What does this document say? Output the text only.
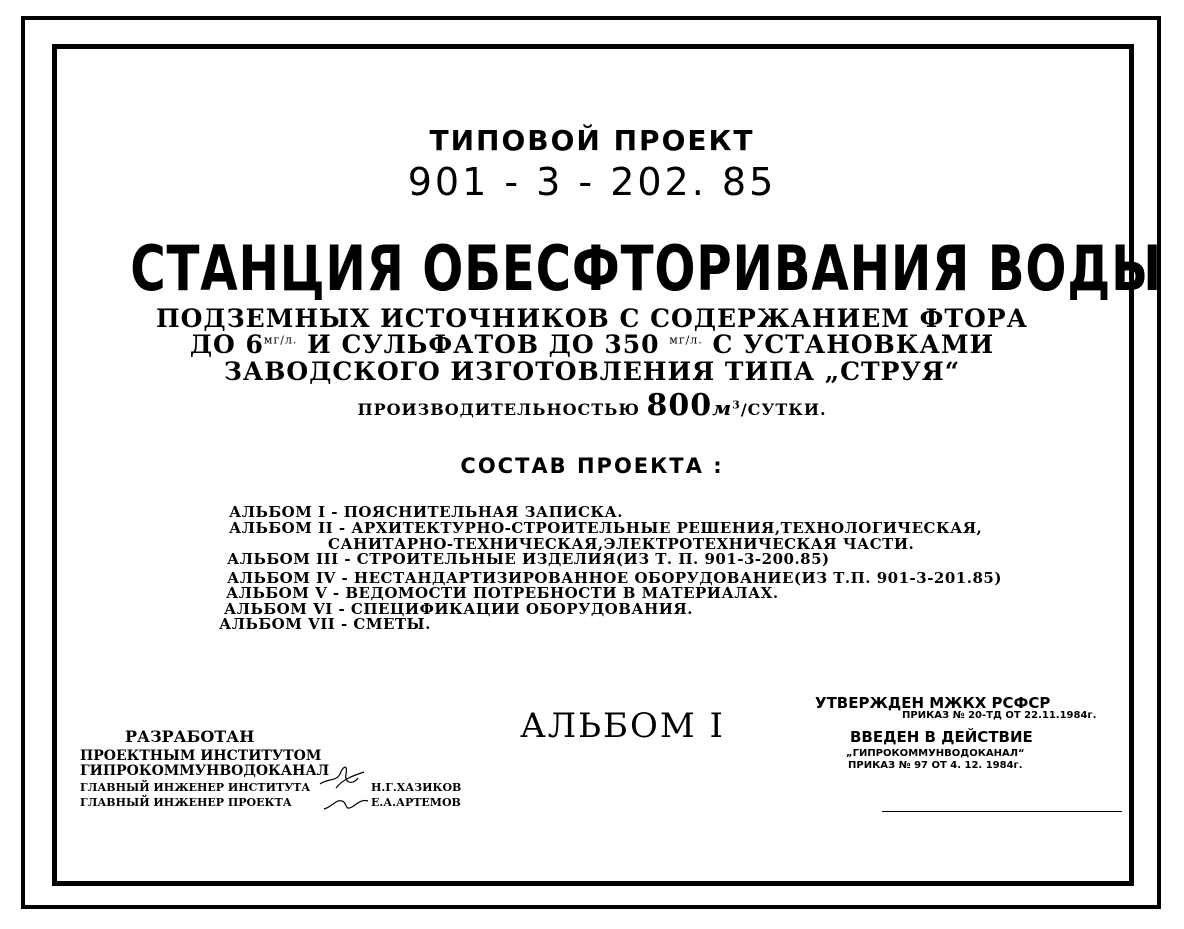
ТИПОВОЙ ПРОЕКТ
901 - 3 - 202. 85
СТАНЦИЯ ОБЕСФТОРИВАНИЯ ВОДЫ
ПОДЗЕМНЫХ ИСТОЧНИКОВ С СОДЕРЖАНИЕМ ФТОРА
ДО $6^{мг/л.}$ И СУЛЬФАТОВ ДО 350 $^{мг/л.}$ С УСТАНОВКАМИ
ЗАВОДСКОГО ИЗГОТОВЛЕНИЯ ТИПА „СТРУЯ“
ПРОИЗВОДИТЕЛЬНОСТЬЮ $800м^3$/СУТКИ.
СОСТАВ ПРОЕКТА :
АЛЬБОМ I - ПОЯСНИТЕЛЬНАЯ ЗАПИСКА.
АЛЬБОМ II - АРХИТЕКТУРНО-СТРОИТЕЛЬНЫЕ РЕШЕНИЯ,ТЕХНОЛОГИЧЕСКАЯ,
САНИТАРНО-ТЕХНИЧЕСКАЯ,ЭЛЕКТРОТЕХНИЧЕСКАЯ ЧАСТИ.
АЛЬБОМ III - СТРОИТЕЛЬНЫЕ ИЗДЕЛИЯ(ИЗ Т. П. 901-3-200.85)
АЛЬБОМ IV - НЕСТАНДАРТИЗИРОВАННОЕ ОБОРУДОВАНИЕ(ИЗ Т.П. 901-3-201.85)
АЛЬБОМ V - ВЕДОМОСТИ ПОТРЕБНОСТИ В МАТЕРИАЛАХ.
АЛЬБОМ VI - СПЕЦИФИКАЦИИ ОБОРУДОВАНИЯ.
АЛЬБОМ VII - СМЕТЫ.
АЛЬБОМ I
РАЗРАБОТАН
ПРОЕКТНЫМ ИНСТИТУТОМ
ГИПРОКОММУНВОДОКАНАЛ
ГЛАВНЫЙ ИНЖЕНЕР ИНСТИТУТА	Н.Г.ХАЗИКОВ
ГЛАВНЫЙ ИНЖЕНЕР ПРОЕКТА	Е.А.АРТЕМОВ
УТВЕРЖДЕН МЖКХ РСФСР
ПРИКАЗ № 20-ТД ОТ 22.11.1984г.
ВВЕДЕН В ДЕЙСТВИЕ
„ГИПРОКОММУНВОДОКАНАЛ“
ПРИКАЗ № 97 ОТ 4. 12. 1984г.
